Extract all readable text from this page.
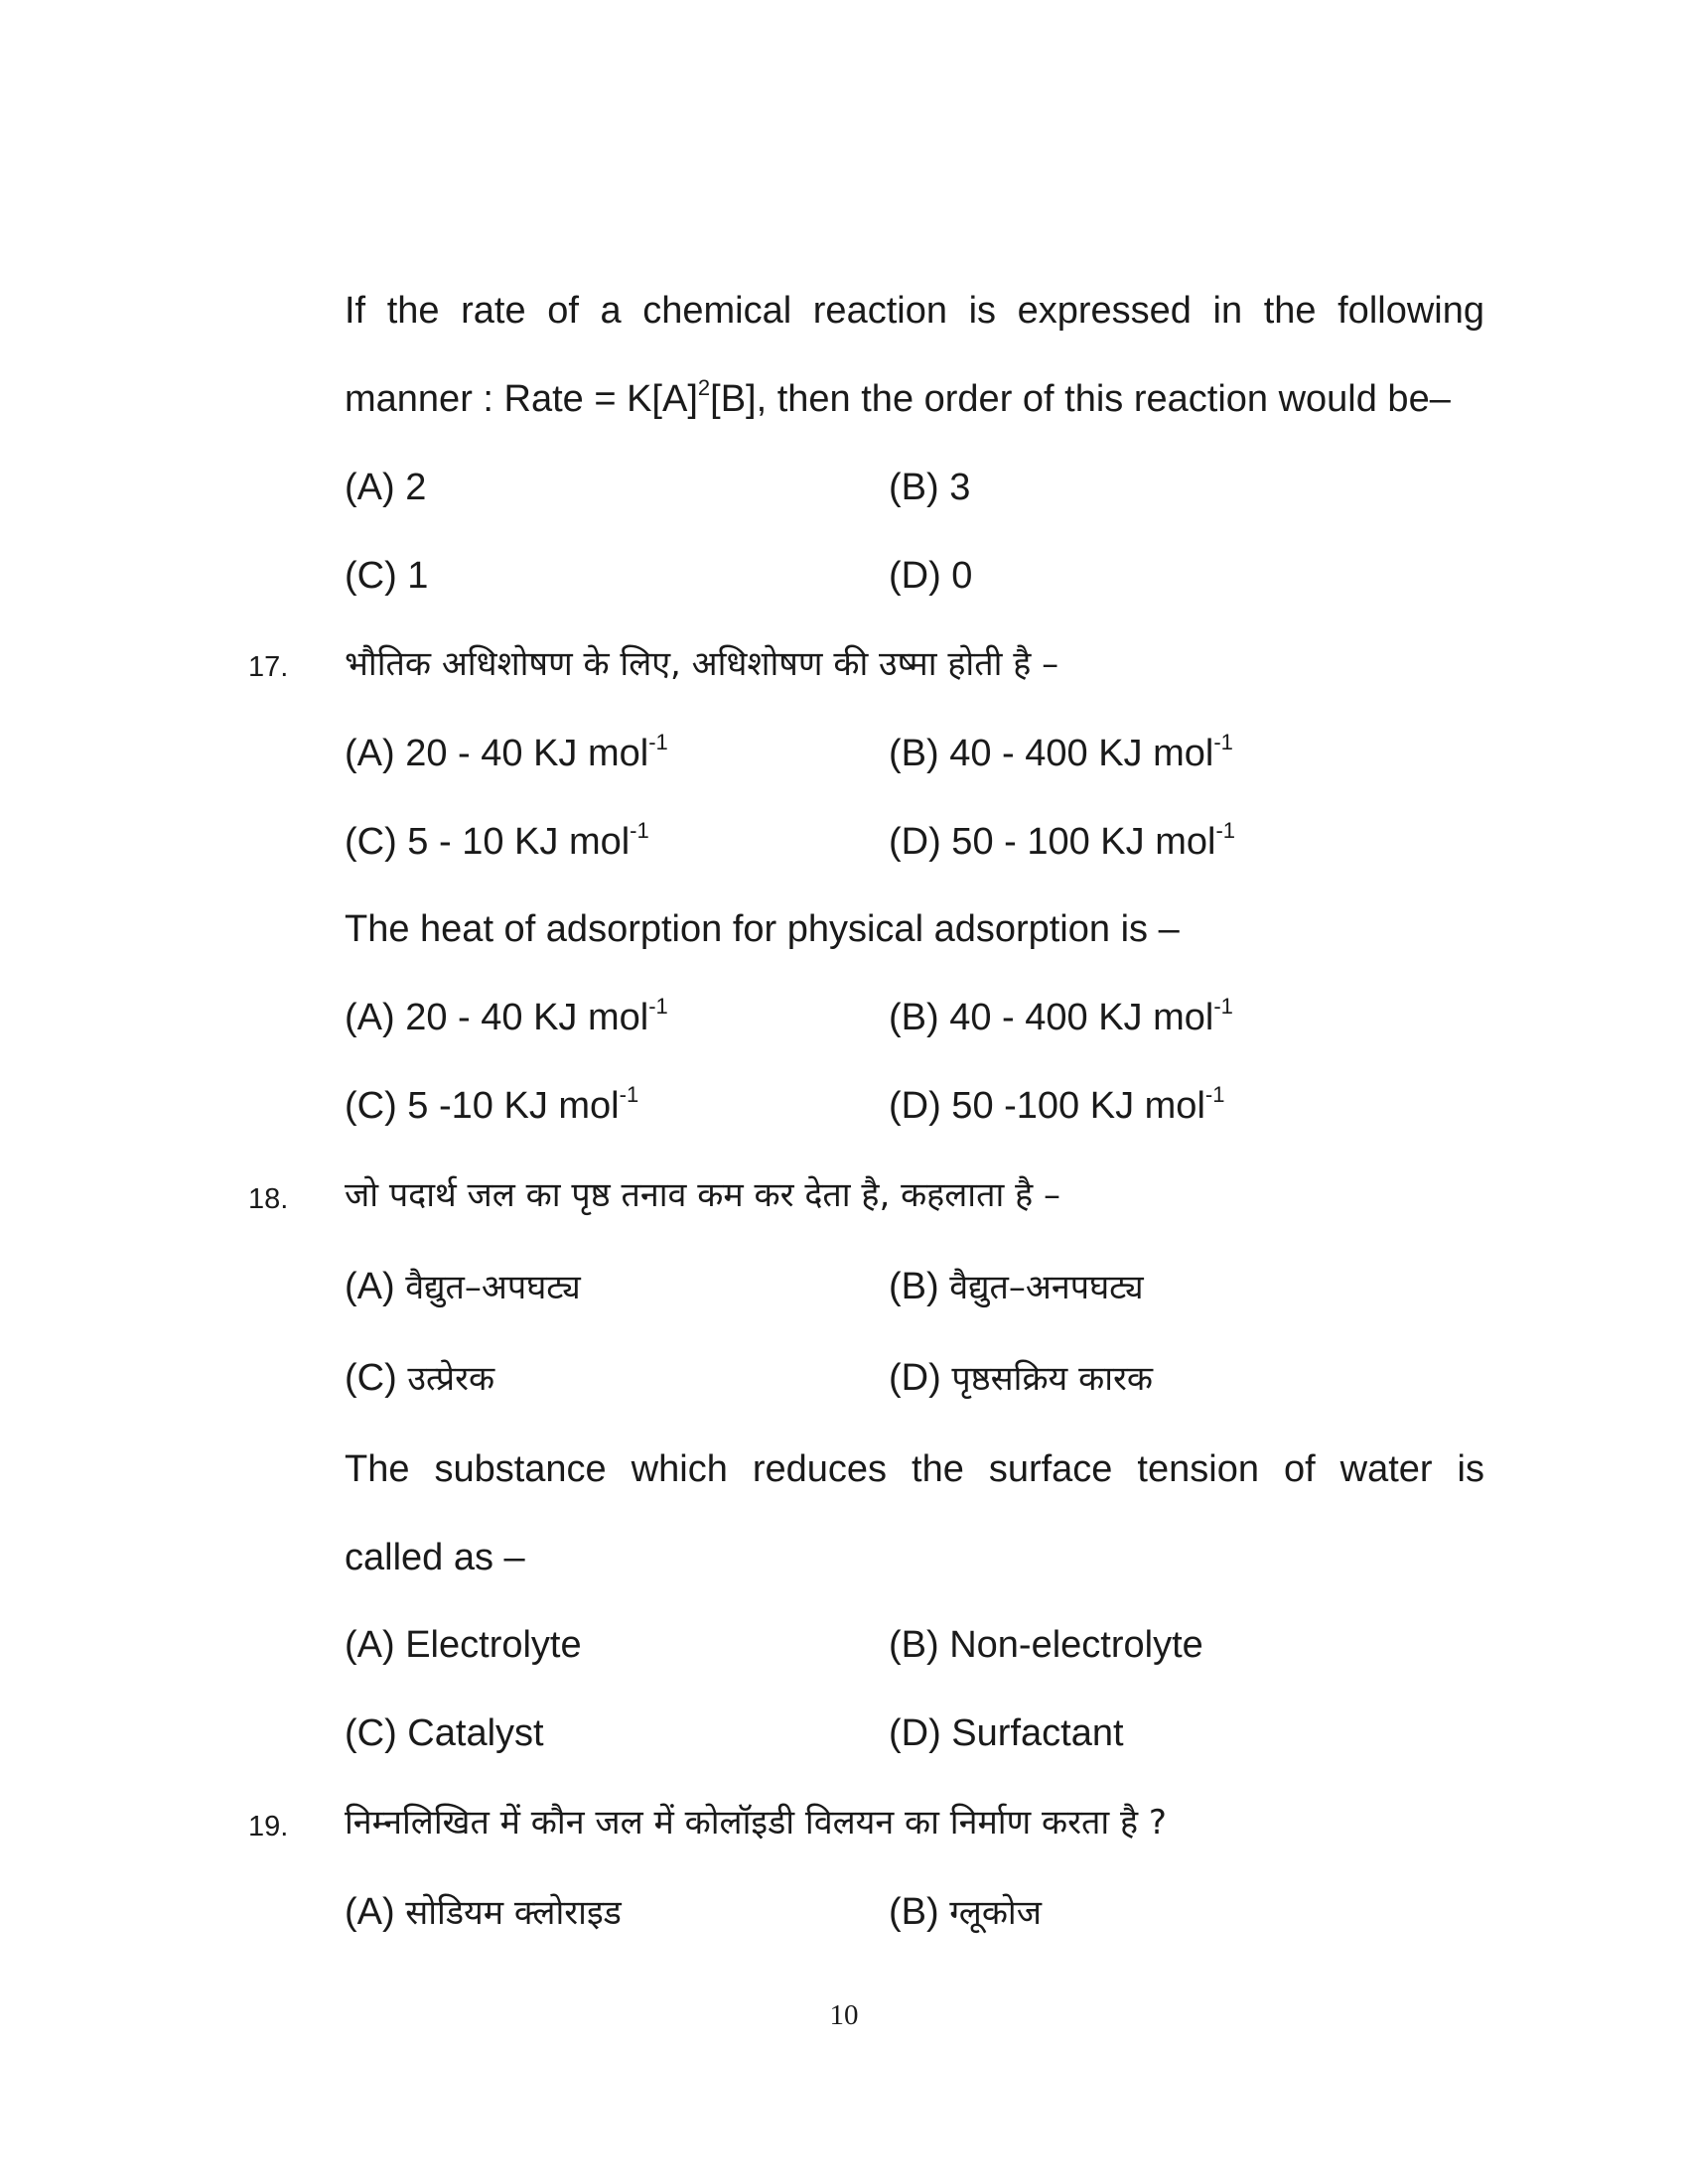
If the rate of a chemical reaction is expressed in the following
manner : Rate = $K[A]^2[B]$, then the order of this reaction would be–
(A) 2	(B) 3
(C) 1	(D) 0
17. भौतिक अधिशोषण के लिए, अधिशोषण की उष्मा होती है –
(A) 20 - 40 KJ mol$^{-1}$	(B) 40 - 400 KJ mol$^{-1}$
(C) 5 - 10 KJ mol$^{-1}$	(D) 50 - 100 KJ mol$^{-1}$
The heat of adsorption for physical adsorption is –
(A) 20 - 40 KJ mol$^{-1}$	(B) 40 - 400 KJ mol$^{-1}$
(C) 5 -10 KJ mol$^{-1}$	(D) 50 -100 KJ mol$^{-1}$
18. जो पदार्थ जल का पृष्ठ तनाव कम कर देता है, कहलाता है –
(A) वैद्युत–अपघट्य	(B) वैद्युत–अनपघट्य
(C) उत्प्रेरक	(D) पृष्ठसक्रिय कारक
The substance which reduces the surface tension of water is
called as –
(A) Electrolyte	(B) Non-electrolyte
(C) Catalyst	(D) Surfactant
19. निम्नलिखित में कौन जल में कोलॉइडी विलयन का निर्माण करता है ?
(A) सोडियम क्लोराइड	(B) ग्लूकोज
10
